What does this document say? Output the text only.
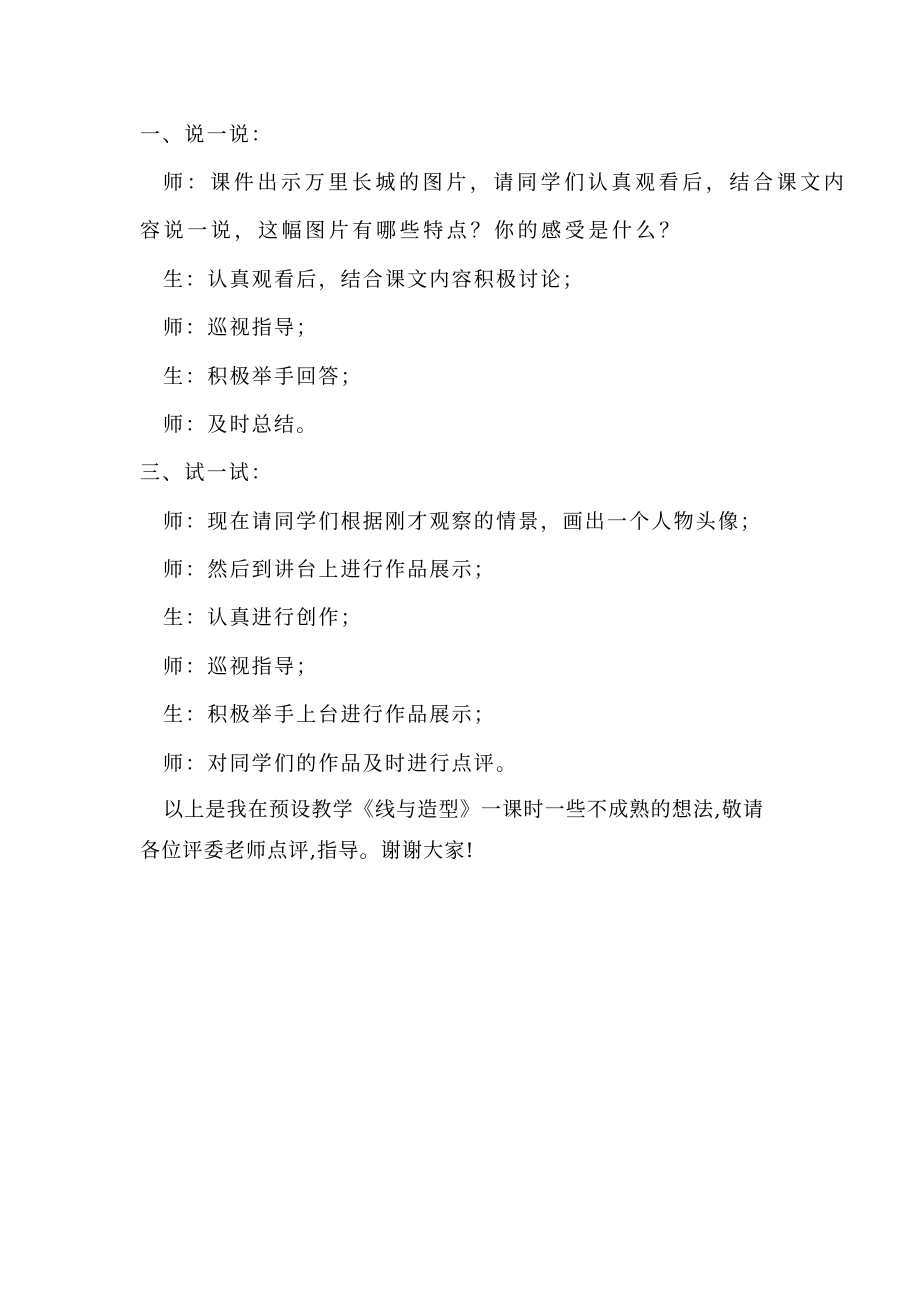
一、说一说：
师：课件出示万里长城的图片，请同学们认真观看后，结合课文内
容说一说，这幅图片有哪些特点？你的感受是什么？
生：认真观看后，结合课文内容积极讨论；
师：巡视指导；
生：积极举手回答；
师：及时总结。
三、试一试：
师：现在请同学们根据刚才观察的情景，画出一个人物头像；
师：然后到讲台上进行作品展示；
生：认真进行创作；
师：巡视指导；
生：积极举手上台进行作品展示；
师：对同学们的作品及时进行点评。
以上是我在预设教学《线与造型》一课时一些不成熟的想法,敬请
各位评委老师点评,指导。谢谢大家!
